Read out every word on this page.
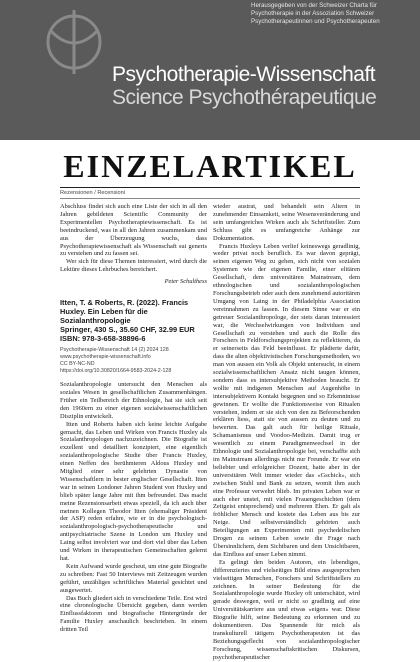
Herausgegeben von der Schweizer Charta für
Psychotherapie in der Assoziation Schweizer
Psychotherapeutinnen und Psychotherapeuten
Psychotherapie-Wissenschaft
Science Psychothérapeutique
EINZELARTIKEL
Rezensionen / Recensioni

Abschluss findet sich auch eine Liste der sich in all den Jahren gebildeten Scientific Community der Experimentellen Psychotherapiewissenschaft. Es ist beeindruckend, was in all den Jahren zusammenkam und aus der Überzeugung wuchs, dass Psychotherapiewissenschaft als Wissenschaft sui generis zu verstehen und zu fassen sei.

Wer sich für diese Themen interessiert, wird durch die Lektüre dieses Lehrbuches bereichert.

Peter Schulthess
Itten, T. & Roberts, R. (2022). Francis Huxley. Ein Leben für die Sozialanthropologie
Springer, 430 S., 35.60 CHF, 32.99 EUR
ISBN: 978-3-658-38896-6
Psychotherapie-Wissenschaft 14 (2) 2024 128
www.psychotherapie-wissenschaft.info
CC BY-NC-ND
https://doi.org/10.30820/1664-9583-2024-2-128

Sozialanthropologie untersucht den Menschen als soziales Wesen in gesellschaftlichen Zusammenhängen. Früher ein Teilbereich der Ethnologie, hat sie sich seit den 1960ern zu einer eigenen sozialwissenschaftlichen Disziplin entwickelt.

Itten und Roberts haben sich keine leichte Aufgabe gemacht, das Leben und Wirken von Francis Huxley als Sozialanthropologen nachzuzeichnen. Die Biografie ist exzellent und detailliert konzipiert, eine eigentlich sozialanthropologische Studie über Francis Huxley, einen Neffen des berühmteren Aldous Huxley und Mitglied einer sehr gelehrten Dynastie von Wissenschaftlern in bester englischer Gesellschaft. Itten war in seinen Londoner Jahren Student von Huxley und blieb später lange Jahre mit ihm befreundet. Das macht meine Rezensionsarbeit etwas speziell, da ich auch über meinen Kollegen Theodor Itten (ehemaliger Präsident der ASP) reden erfahre, wie er in die psychologisch-sozialanthropologisch-psychotherapeutische und antipsychiatrische Szene in London um Huxley und Laing selbst involviert war und dort viel über das Leben und Wirken in therapeutischen Gemeinschaften gelernt hat.

Kein Aufwand wurde gescheut, um eine gute Biografie zu schreiben: Fast 50 Interviews mit Zeitzeugen wurden geführt, unzähliges schriftliches Material gesichtet und ausgewertet.

Das Buch gliedert sich in verschiedene Teile. Erst wird eine chronologische Übersicht gegeben, dann werden Einflussfaktoren und biografische Hintergründe der Familie Huxley anschaulich beschrieben. In einem dritten Teil

wieder austrat, und behandelt sein Altern in zunehmender Einsamkeit, seine Wesensveränderung und sein umfangreiches Wirken auch als Schriftsteller. Zum Schluss gibt es umfangreiche Anhänge zur Dokumentation.

Francis Huxleys Leben verlief keineswegs geradlinig, weder privat noch beruflich. Es war davon geprägt, seinen eigenen Weg zu gehen, sich nicht von sozialen Systemen wie der eigenen Familie, einer elitären Gesellschaft, dem universitären Mainstream, dem ethnologischen und sozialanthropologischen Forschungsbetrieb oder auch dem zunehmend autoritären Umgang von Laing in der Philadelphia Association vereinnahmen zu lassen. In diesem Sinne war er ein getreuer Sozialanthropologe, der stets daran interessiert war, die Wechselwirkungen von Individuen und Gesellschaft zu verstehen und auch die Rolle des Forschers in Feldforschungsprojekten zu reflektieren, da er seinerseits das Feld beeinflusst. Er plädierte dafür, dass die alten objektivistischen Forschungsmethoden, wo man von aussen ein Volk als Objekt untersucht, in einem sozialwissenschaftlichen Ansatz nicht taugen können, sondern dass es intersubjektive Methoden braucht. Er wollte mit indigenen Menschen auf Augenhöhe in intersubjektivem Kontakt begegnen und so Erkenntnisse gewinnen. Er wollte die Funktionsweise von Ritualen verstehen, indem er sie sich von den zu Befeorschenden erklären liess, statt sie von aussen zu deuten und zu bewerten. Das galt auch für heilige Rituale, Schamanismus und Voodoo-Medizin. Damit trug er wesentlich zu einem Paradigmenwechsel in der Ethnologie und Sozialanthropologie bei, verschaffte sich im Mainstream allerdings nicht nur Freunde. Er war ein beliebter und erfolgreicher Dozent, hatte aber in der universitären Welt immer wieder das «Gschick», sich zwischen Stuhl und Bank zu setzen, womit ihm auch eine Professur verwehrt blieb. Im privaten Leben war er auch eher unstet, mit vielen Frauengeschichten (dem Zeitgeist entsprechend) und mehreren Ehen. Er galt als fröhlicher Mensch und kostete das Leben aus bis zur Neige. Und selbstverständlich gehörten auch Beteiligungen an Experimenten mit psychedelischen Drogen zu seinem Leben sowie die Frage nach Übersinnlichem, dem Sichtbaren und dem Unsichtbaren, das Einfluss auf unser Leben nimmt.

Es gelingt den beiden Autoren, ein lebendiges, differenziertes und vielseitiges Bild eines ausgesprochen vielseitigen Menschen, Forschers und Schriftstellers zu zeichnen. In seiner Bedeutung für die Sozialanthropologie wurde Huxley oft unterschätzt, wird gerade deswegen, weil er nicht so gradlinig auf eine Universitätskarriere aus und etwas «eigen» war. Diese Biografie hilft, seine Bedeutung zu erkennen und zu dokumentieren. Das Spannende für mich als transkulturell tätigem Psychotherapeuten ist das Beziehungsgeflecht von sozialanthropologischer Forschung, wissenschaftskritischen Diskursen, psychotherapeutischer
